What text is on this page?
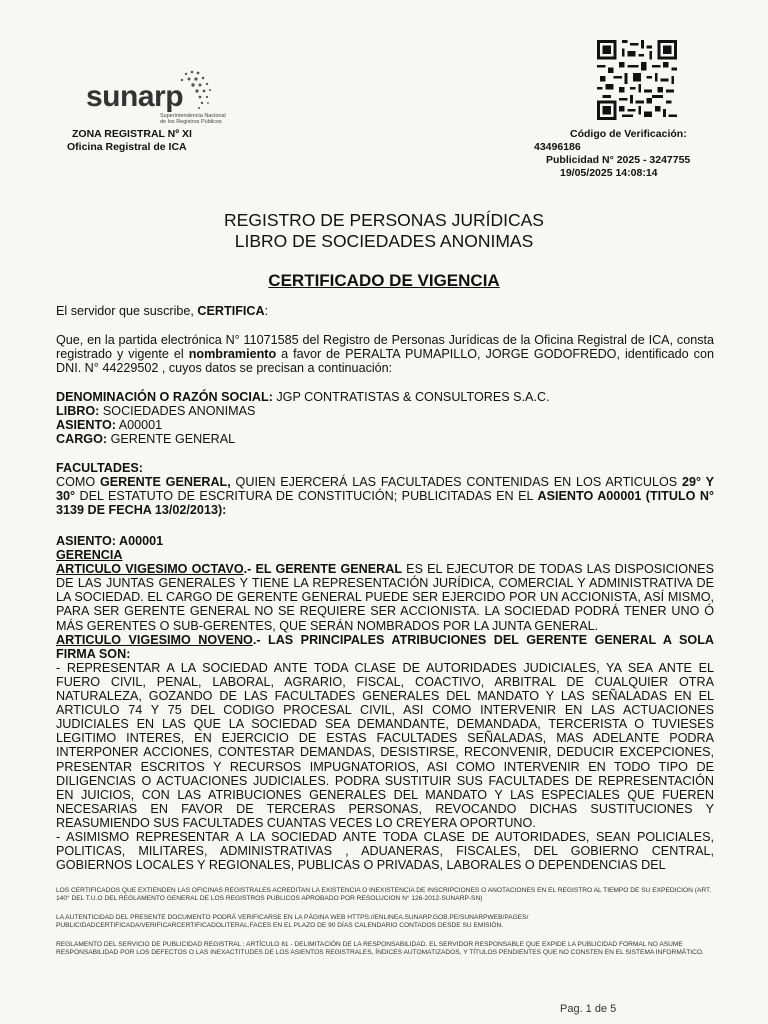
sunarp
Superintendencia Nacional de los Registros Públicos
ZONA REGISTRAL Nº XI
Oficina Registral de ICA
Código de Verificación:
43496186
Publicidad N° 2025 - 3247755
19/05/2025 14:08:14
REGISTRO DE PERSONAS JURÍDICAS
LIBRO DE SOCIEDADES ANONIMAS
CERTIFICADO DE VIGENCIA
El servidor que suscribe, CERTIFICA:
Que, en la partida electrónica N° 11071585 del Registro de Personas Jurídicas de la Oficina Registral de ICA, consta registrado y vigente el nombramiento a favor de PERALTA PUMAPILLO, JORGE GODOFREDO, identificado con DNI. N° 44229502 , cuyos datos se precisan a continuación:

DENOMINACIÓN O RAZÓN SOCIAL: JGP CONTRATISTAS & CONSULTORES S.A.C.

LIBRO: SOCIEDADES ANONIMAS

ASIENTO: A00001

CARGO: GERENTE GENERAL

FACULTADES:

COMO GERENTE GENERAL, QUIEN EJERCERÁ LAS FACULTADES CONTENIDAS EN LOS ARTICULOS 29° Y 30° DEL ESTATUTO DE ESCRITURA DE CONSTITUCIÓN; PUBLICITADAS EN EL ASIENTO A00001 (TITULO N° 3139 DE FECHA 13/02/2013):

ASIENTO: A00001

GERENCIA

ARTICULO VIGESIMO OCTAVO.- EL GERENTE GENERAL ES EL EJECUTOR DE TODAS LAS DISPOSICIONES DE LAS JUNTAS GENERALES Y TIENE LA REPRESENTACIÓN JURÍDICA, COMERCIAL Y ADMINISTRATIVA DE LA SOCIEDAD. EL CARGO DE GERENTE GENERAL PUEDE SER EJERCIDO POR UN ACCIONISTA, ASÍ MISMO, PARA SER GERENTE GENERAL NO SE REQUIERE SER ACCIONISTA. LA SOCIEDAD PODRÁ TENER UNO Ó MÁS GERENTES O SUB-GERENTES, QUE SERÁN NOMBRADOS POR LA JUNTA GENERAL.

ARTICULO VIGESIMO NOVENO.- LAS PRINCIPALES ATRIBUCIONES DEL GERENTE GENERAL A SOLA FIRMA SON:

- REPRESENTAR A LA SOCIEDAD ANTE TODA CLASE DE AUTORIDADES JUDICIALES, YA SEA ANTE EL FUERO CIVIL, PENAL, LABORAL, AGRARIO, FISCAL, COACTIVO, ARBITRAL DE CUALQUIER OTRA NATURALEZA, GOZANDO DE LAS FACULTADES GENERALES DEL MANDATO Y LAS SEÑALADAS EN EL ARTICULO 74 Y 75 DEL CODIGO PROCESAL CIVIL, ASI COMO INTERVENIR EN LAS ACTUACIONES JUDICIALES EN LAS QUE LA SOCIEDAD SEA DEMANDANTE, DEMANDADA, TERCERISTA O TUVIESES LEGITIMO INTERES, EN EJERCICIO DE ESTAS FACULTADES SEÑALADAS, MAS ADELANTE PODRA INTERPONER ACCIONES, CONTESTAR DEMANDAS, DESISTIRSE, RECONVENIR, DEDUCIR EXCEPCIONES, PRESENTAR ESCRITOS Y RECURSOS IMPUGNATORIOS, ASI COMO INTERVENIR EN TODO TIPO DE DILIGENCIAS O ACTUACIONES JUDICIALES. PODRA SUSTITUIR SUS FACULTADES DE REPRESENTACIÓN EN JUICIOS, CON LAS ATRIBUCIONES GENERALES DEL MANDATO Y LAS ESPECIALES QUE FUEREN NECESARIAS EN FAVOR DE TERCERAS PERSONAS, REVOCANDO DICHAS SUSTITUCIONES Y REASUMIENDO SUS FACULTADES CUANTAS VECES LO CREYERA OPORTUNO.

- ASIMISMO REPRESENTAR A LA SOCIEDAD ANTE TODA CLASE DE AUTORIDADES, SEAN POLICIALES, POLITICAS, MILITARES, ADMINISTRATIVAS , ADUANERAS, FISCALES, DEL GOBIERNO CENTRAL, GOBIERNOS LOCALES Y REGIONALES, PUBLICAS O PRIVADAS, LABORALES O DEPENDENCIAS DEL

LOS CERTIFICADOS QUE EXTIENDEN LAS OFICINAS REGISTRALES ACREDITAN LA EXISTENCIA O INEXISTENCIA DE INSCRIPCIONES O ANOTACIONES EN EL REGISTRO AL TIEMPO DE SU EXPEDICION (ART. 140° DEL T.U.O DEL REGLAMENTO GENERAL DE LOS REGISTROS PUBLICOS APROBADO POR RESOLUCION N° 126-2012-SUNARP-SN)
LA AUTENTICIDAD DEL PRESENTE DOCUMENTO PODRÁ VERIFICARSE EN LA PÁGINA WEB HTTPS://ENLINEA.SUNARP.GOB.PE/SUNARPWEB/PAGES/ PUBLICIDADCERTIFICADA/VERIFICARCERTIFICADOLITERAL.FACES EN EL PLAZO DE 90 DÍAS CALENDARIO CONTADOS DESDE SU EMISIÓN.
REGLAMENTO DEL SERVICIO DE PUBLICIDAD REGISTRAL : ARTÍCULO 81 - DELIMITACIÓN DE LA RESPONSABILIDAD. EL SERVIDOR RESPONSABLE QUE EXPIDE LA PUBLICIDAD FORMAL NO ASUME RESPONSABILIDAD POR LOS DEFECTOS O LAS INEXACTITUDES DE LOS ASIENTOS REGISTRALES, ÍNDICES AUTOMATIZADOS, Y TÍTULOS PENDIENTES QUE NO CONSTEN EN EL SISTEMA INFORMÁTICO.
Pag. 1 de 5
